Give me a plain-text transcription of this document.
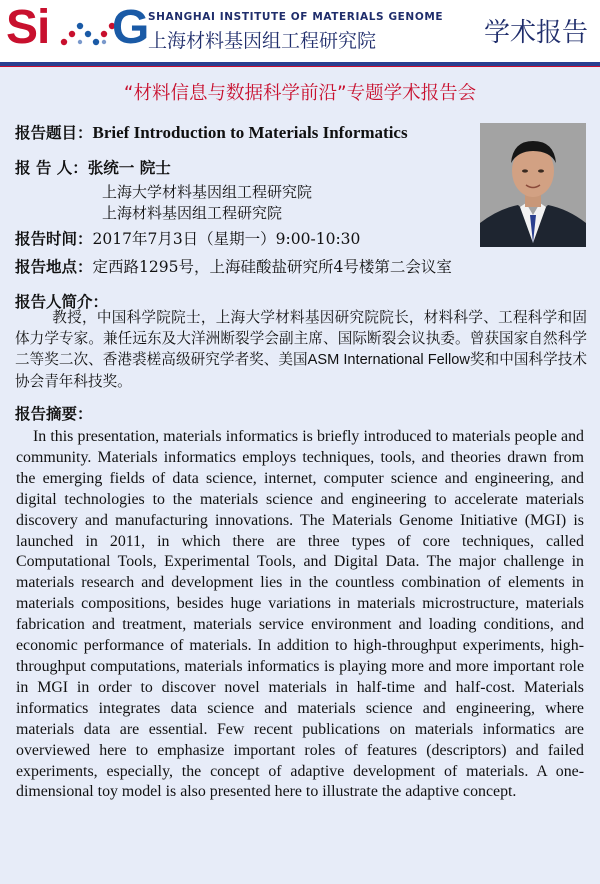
Si G
SHANGHAI INSTITUTE OF MATERIALS GENOME
上海材料基因组工程研究院	学术报告
“材料信息与数据科学前沿”专题学术报告会
报告题目：Brief Introduction to Materials Informatics
报 告 人：张统一 院士
上海大学材料基因组工程研究院
上海材料基因组工程研究院
报告时间：2017年7月3日（星期一）9:00-10:30
报告地点：定西路1295号，上海硅酸盐研究所4号楼第二会议室
报告人简介：
教授，中国科学院院士，上海大学材料基因研究院院长，材料科学、工程科学和固体力学专家。兼任远东及大洋洲断裂学会副主席、国际断裂会议执委。曾获国家自然科学二等奖二次、香港裘槎高级研究学者奖、美国ASM International Fellow奖和中国科学技术协会青年科技奖。
报告摘要：
In this presentation, materials informatics is briefly introduced to materials people and community. Materials informatics employs techniques, tools, and theories drawn from the emerging fields of data science, internet, computer science and engineering, and digital technologies to the materials science and engineering to accelerate materials discovery and manufacturing innovations. The Materials Genome Initiative (MGI) is launched in 2011, in which there are three types of core techniques, called Computational Tools, Experimental Tools, and Digital Data. The major challenge in materials research and development lies in the countless combination of elements in materials compositions, besides huge variations in materials microstructure, materials fabrication and treatment, materials service environment and loading conditions, and economic performance of materials. In addition to high-throughput experiments, high-throughput computations, materials informatics is playing more and more important role in MGI in order to discover novel materials in half-time and half-cost. Materials informatics integrates data science and materials science and engineering, where materials data are essential. Few recent publications on materials informatics are overviewed here to emphasize important roles of features (descriptors) and failed experiments, especially, the concept of adaptive development of materials. A one-dimensional toy model is also presented here to illustrate the adaptive concept.
